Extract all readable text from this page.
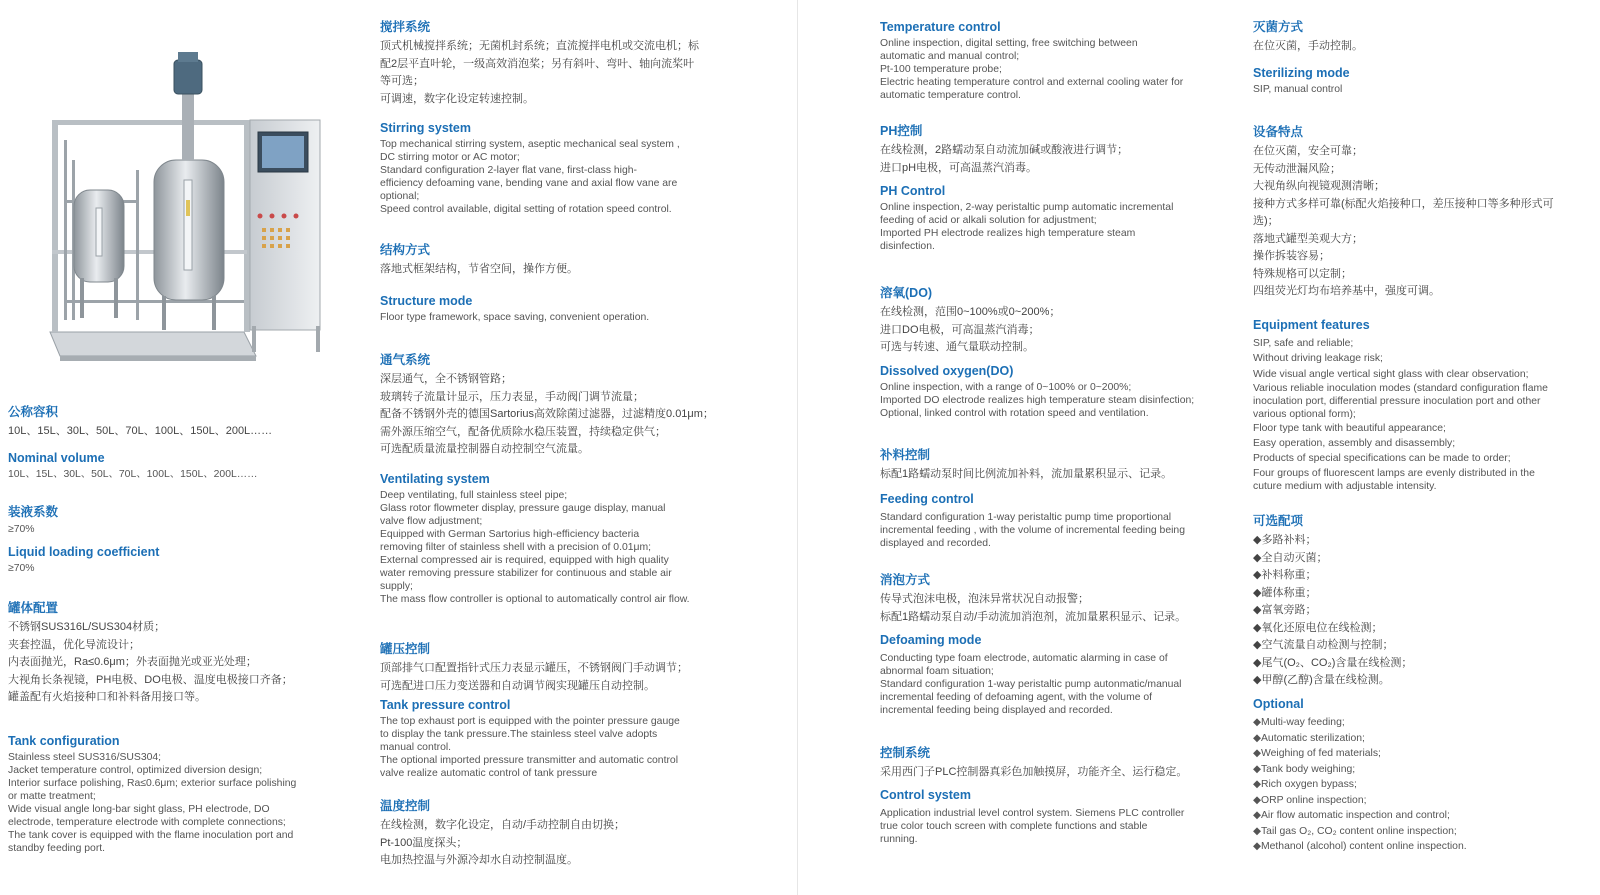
公称容积
10L、15L、30L、50L、70L、100L、150L、200L……
Nominal volume
10L、15L、30L、50L、70L、100L、150L、200L……
装液系数
≥70%
Liquid loading coefficient
≥70%
罐体配置
不锈钢SUS316L/SUS304材质；
夹套控温，优化导流设计；
内表面抛光，Ra≤0.6μm；外表面抛光或亚光处理；
大视角长条视镜，PH电极、DO电极、温度电极接口齐备；
罐盖配有火焰接种口和补料备用接口等。
Tank configuration
Stainless steel SUS316/SUS304;
Jacket temperature control, optimized diversion design;
Interior surface polishing, Ra≤0.6μm; exterior surface polishing
or matte treatment;
Wide visual angle long-bar sight glass, PH electrode, DO
electrode, temperature electrode with complete connections;
The tank cover is equipped with the flame inoculation port and
standby feeding port.
搅拌系统
顶式机械搅拌系统；无菌机封系统；直流搅拌电机或交流电机；标
配2层平直叶轮，一级高效消泡桨；另有斜叶、弯叶、轴向流桨叶
等可选；
可调速，数字化设定转速控制。
Stirring system
Top mechanical stirring system, aseptic mechanical seal system ,
DC stirring motor or AC motor;
Standard configuration 2-layer flat vane, first-class high-
efficiency defoaming vane, bending vane and axial flow vane are
optional;
Speed control available, digital setting of rotation speed control.
结构方式
落地式框架结构，节省空间，操作方便。
Structure mode
Floor type framework, space saving, convenient operation.
通气系统
深层通气，全不锈钢管路；
玻璃转子流量计显示，压力表显，手动阀门调节流量；
配备不锈钢外壳的德国Sartorius高效除菌过滤器，过滤精度0.01μm；
需外源压缩空气，配备优质除水稳压装置，持续稳定供气；
可选配质量流量控制器自动控制空气流量。
Ventilating system
Deep ventilating, full stainless steel pipe;
Glass rotor flowmeter display, pressure gauge display, manual
valve flow adjustment;
Equipped with German Sartorius high-efficiency bacteria
removing filter of stainless shell with a precision of 0.01μm;
External compressed air is required, equipped with high quality
water removing pressure stabilizer for continuous and stable air
supply;
The mass flow controller is optional to automatically control air flow.
罐压控制
顶部排气口配置指针式压力表显示罐压，不锈钢阀门手动调节；
可选配进口压力变送器和自动调节阀实现罐压自动控制。
Tank pressure control
The top exhaust port is equipped with the pointer pressure gauge
to display the tank pressure.The stainless steel valve adopts
manual control.
The optional imported pressure transmitter and automatic control
valve realize automatic control of tank pressure
温度控制
在线检测，数字化设定，自动/手动控制自由切换；
Pt-100温度探头；
电加热控温与外源冷却水自动控制温度。
Temperature control
Online inspection, digital setting, free switching between
automatic and manual control;
Pt-100 temperature probe;
Electric heating temperature control and external cooling water for
automatic temperature control.
PH控制
在线检测，2路蠕动泵自动流加碱或酸液进行调节；
进口pH电极，可高温蒸汽消毒。
PH Control
Online inspection, 2-way peristaltic pump automatic incremental
feeding of acid or alkali solution for adjustment;
Imported PH electrode realizes high temperature steam
disinfection.
溶氧(DO)
在线检测，范围0~100%或0~200%；
进口DO电极，可高温蒸汽消毒；
可选与转速、通气量联动控制。
Dissolved oxygen(DO)
Online inspection, with a range of 0~100% or 0~200%;
Imported DO electrode realizes high temperature steam disinfection;
Optional, linked control with rotation speed and ventilation.
补料控制
标配1路蠕动泵时间比例流加补料，流加量累积显示、记录。
Feeding control
Standard configuration 1-way peristaltic pump time proportional
incremental feeding , with the volume of incremental feeding being
displayed and recorded.
消泡方式
传导式泡沫电极，泡沫异常状况自动报警；
标配1路蠕动泵自动/手动流加消泡剂，流加量累积显示、记录。
Defoaming mode
Conducting type foam electrode, automatic alarming in case of
abnormal foam situation;
Standard configuration 1-way peristaltic pump autonmatic/manual
incremental feeding of defoaming agent, with the volume of
incremental feeding being displayed and recorded.
控制系统
采用西门子PLC控制器真彩色加触摸屏，功能齐全、运行稳定。
Control system
Application industrial level control system. Siemens PLC controller
true color touch screen with complete functions and stable
running.
灭菌方式
在位灭菌，手动控制。
Sterilizing mode
SIP, manual control
设备特点
在位灭菌，安全可靠；
无传动泄漏风险；
大视角纵向视镜观测清晰；
接种方式多样可靠(标配火焰接种口，差压接种口等多种形式可
选)；
落地式罐型美观大方；
操作拆装容易；
特殊规格可以定制；
四组荧光灯均布培养基中，强度可调。
Equipment features
SIP, safe and reliable;
Without driving leakage risk;
Wide visual angle vertical sight glass with clear observation;
Various reliable inoculation modes (standard configuration flame
inoculation port, differential pressure inoculation port and other
various optional form);
Floor type tank with beautiful appearance;
Easy operation, assembly and disassembly;
Products of special specifications can be made to order;
Four groups of fluorescent lamps are evenly distributed in the
cuture medium with adjustable intensity.
可选配项
◆多路补料；
◆全自动灭菌；
◆补料称重；
◆罐体称重；
◆富氧旁路；
◆氧化还原电位在线检测；
◆空气流量自动检测与控制；
◆尾气(O₂、CO₂)含量在线检测；
◆甲醇(乙醇)含量在线检测。
Optional
◆Multi-way feeding;
◆Automatic sterilization;
◆Weighing of fed materials;
◆Tank body weighing;
◆Rich oxygen bypass;
◆ORP online inspection;
◆Air flow automatic inspection and control;
◆Tail gas O₂, CO₂ content online inspection;
◆Methanol (alcohol) content online inspection.
